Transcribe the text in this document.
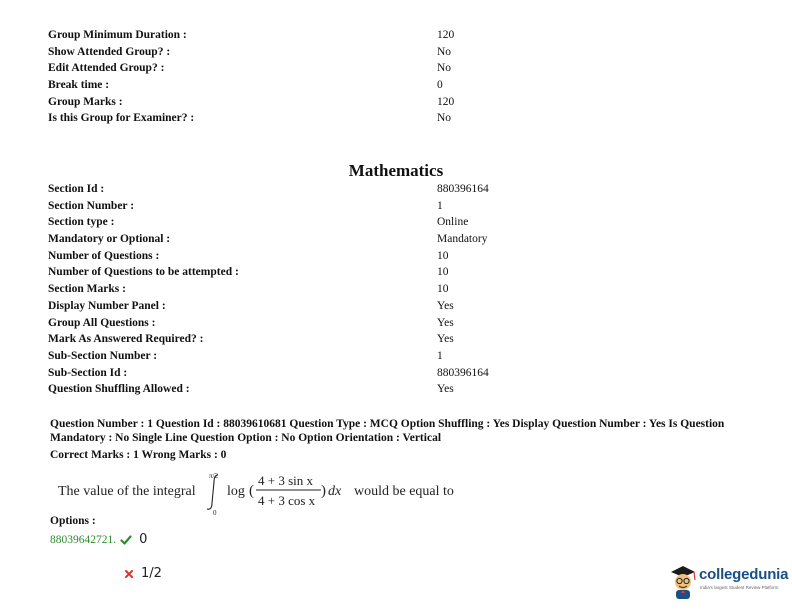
Group Minimum Duration :	120
Show Attended Group? :	No
Edit Attended Group? :	No
Break time :	0
Group Marks :	120
Is this Group for Examiner? :	No
Mathematics
Section Id :	880396164
Section Number :	1
Section type :	Online
Mandatory or Optional :	Mandatory
Number of Questions :	10
Number of Questions to be attempted :	10
Section Marks :	10
Display Number Panel :	Yes
Group All Questions :	Yes
Mark As Answered Required? :	Yes
Sub-Section Number :	1
Sub-Section Id :	880396164
Question Shuffling Allowed :	Yes
Question Number : 1 Question Id : 88039610681 Question Type : MCQ Option Shuffling : Yes Display Question Number : Yes Is Question Mandatory : No Single Line Question Option : No Option Orientation : Vertical
Correct Marks : 1 Wrong Marks : 0
The value of the integral
π/2
0
log (
4 + 3 sin x
4 + 3 cos x
) dx would be equal to
Options :
88039642721. 0
1/2	collegedunia
India's largest Student Review Platform
